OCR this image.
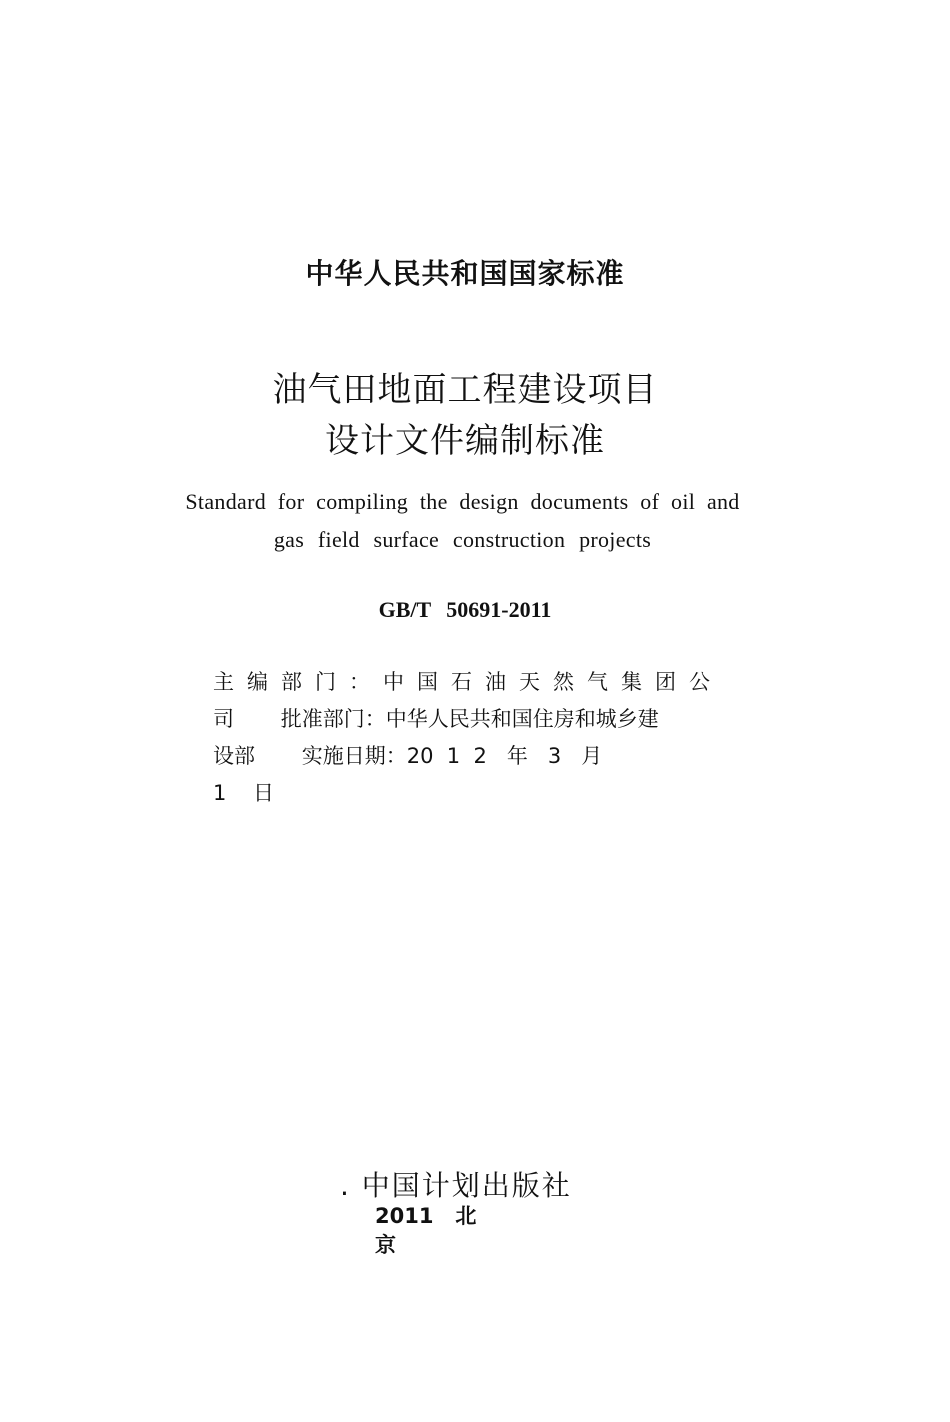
中华人民共和国国家标准
油气田地面工程建设项目
设计文件编制标准
Standard for compiling the design documents of oil and
gas field surface construction projects
GB/T 50691-2011
主编部门：中国石油天然气集团公
司       批准部门：中华人民共和国住房和城乡建
设部       实施日期：20  1  2   年   3   月
1    日
. 中国计划出版社
2011   北
京
